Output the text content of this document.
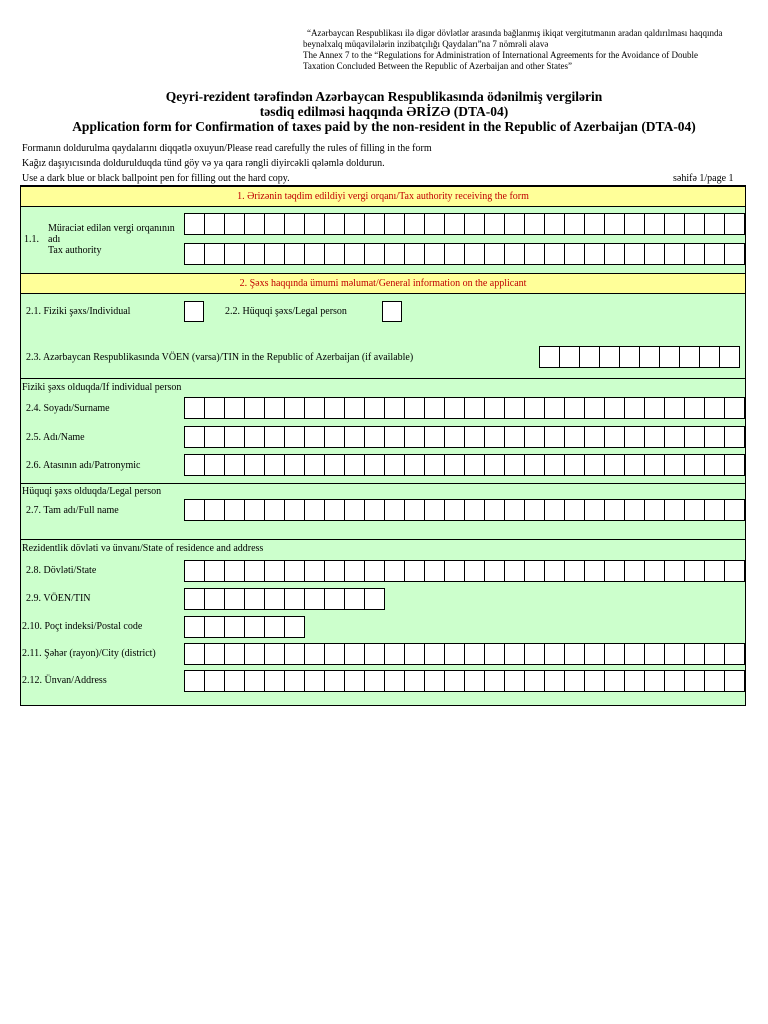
“Azərbaycan Respublikası ilə digər dövlətlər arasında bağlanmış ikiqat vergitutmanın aradan qaldırılması haqqında
beynəlxalq müqavilələrin inzibatçılığı Qaydaları”na 7 nömrəli əlavə
The Annex 7 to the “Regulations for Administration of International Agreements for the Avoidance of Double
Taxation Concluded Between the Republic of Azerbaijan and other States”
Qeyri-rezident tərəfindən Azərbaycan Respublikasında ödənilmiş vergilərin
təsdiq edilməsi haqqında ƏRİZƏ (DTA-04)
Application form for Confirmation of taxes paid by the non-resident in the Republic of Azerbaijan (DTA-04)
Formanın doldurulma qaydalarını diqqətlə oxuyun/Please read carefully the rules of filling in the form
Kağız daşıyıcısında doldurulduqda tünd göy və ya qara rəngli diyircəkli qələmlə doldurun.
Use a dark blue or black ballpoint pen for filling out the hard copy.	səhifə 1/page 1
1. Ərizənin təqdim edildiyi vergi orqanı/Tax authority receiving the form
Müraciət edilən vergi orqanının
adı
1.1.
Tax authority
2. Şəxs haqqında ümumi məlumat/General information on the applicant
2.1. Fiziki şəxs/Individual	2.2. Hüquqi şəxs/Legal person
2.3. Azərbaycan Respublikasında VÖEN (varsa)/TIN in the Republic of Azerbaijan (if available)
Fiziki şəxs olduqda/If individual person
2.4. Soyadı/Surname
2.5. Adı/Name
2.6. Atasının adı/Patronymic
Hüquqi şəxs olduqda/Legal person
2.7. Tam adı/Full name
Rezidentlik dövləti və ünvanı/State of residence and address
2.8. Dövləti/State
2.9. VÖEN/TIN
2.10. Poçt indeksi/Postal code
2.11. Şəhər (rayon)/City (district)
2.12. Ünvan/Address
